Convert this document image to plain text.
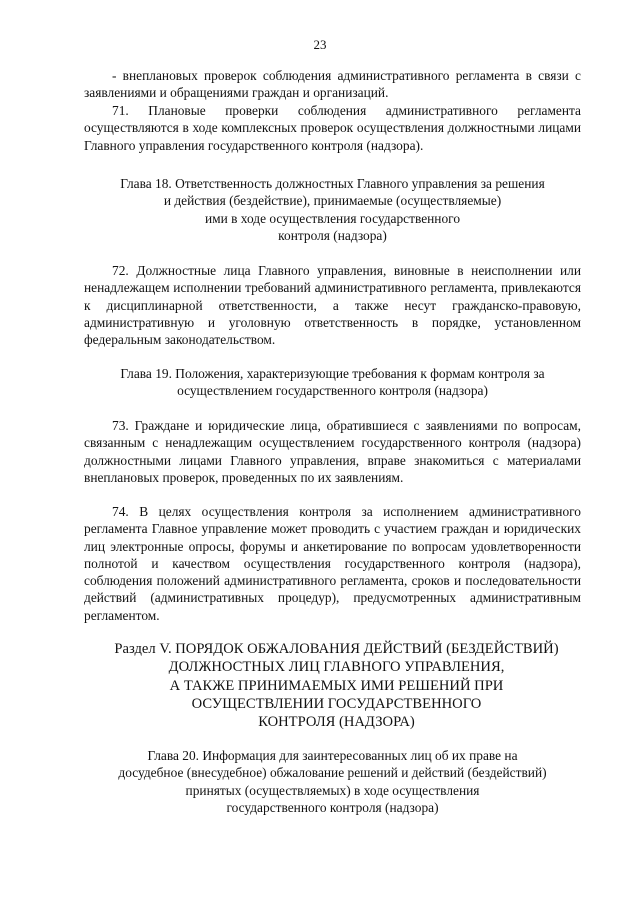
23

- внеплановых проверок соблюдения административного регламента в связи с заявлениями и обращениями граждан и организаций.

71. Плановые проверки соблюдения административного регламента осуществляются в ходе комплексных проверок осуществления должностными лицами Главного управления государственного контроля (надзора).

Глава 18. Ответственность должностных Главного управления за решения
и действия (бездействие), принимаемые (осуществляемые)
ими в ходе осуществления государственного
контроля (надзора)

72. Должностные лица Главного управления, виновные в неисполнении или ненадлежащем исполнении требований административного регламента, привлекаются к дисциплинарной ответственности, а также несут гражданско-правовую, административную и уголовную ответственность в порядке, установленном федеральным законодательством.

Глава 19. Положения, характеризующие требования к формам контроля за
осуществлением государственного контроля (надзора)

73. Граждане и юридические лица, обратившиеся с заявлениями по вопросам, связанным с ненадлежащим осуществлением государственного контроля (надзора) должностными лицами Главного управления, вправе знакомиться с материалами внеплановых проверок, проведенных по их заявлениям.

74. В целях осуществления контроля за исполнением административного регламента Главное управление может проводить с участием граждан и юридических лиц электронные опросы, форумы и анкетирование по вопросам удовлетворенности полнотой и качеством осуществления государственного контроля (надзора), соблюдения положений административного регламента, сроков и последовательности действий (административных процедур), предусмотренных административным регламентом.

Раздел V. ПОРЯДОК ОБЖАЛОВАНИЯ ДЕЙСТВИЙ (БЕЗДЕЙСТВИЙ)
ДОЛЖНОСТНЫХ ЛИЦ ГЛАВНОГО УПРАВЛЕНИЯ,
А ТАКЖЕ ПРИНИМАЕМЫХ ИМИ РЕШЕНИЙ ПРИ
ОСУЩЕСТВЛЕНИИ ГОСУДАРСТВЕННОГО
КОНТРОЛЯ (НАДЗОРА)

Глава 20. Информация для заинтересованных лиц об их праве на
досудебное (внесудебное) обжалование решений и действий (бездействий)
принятых (осуществляемых) в ходе осуществления
государственного контроля (надзора)
